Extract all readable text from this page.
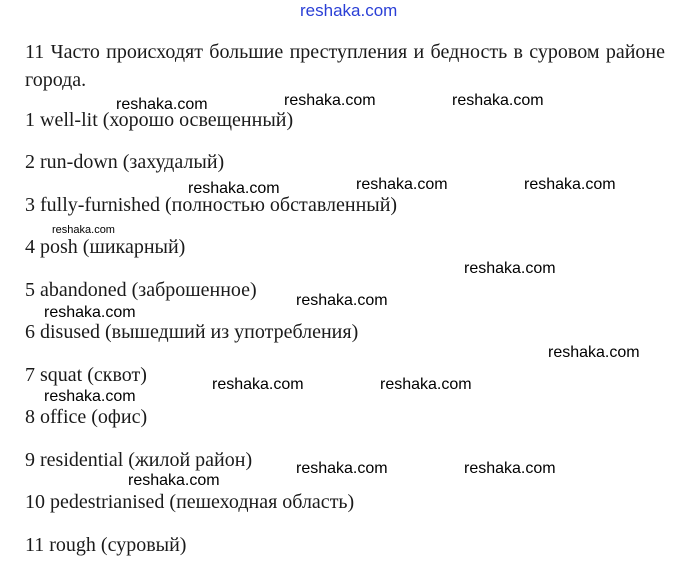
reshaka.com
11 Часто происходят большие преступления и бедность в суровом районе города.
1 well-lit (хорошо освещенный)
2 run-down (захудалый)
3 fully-furnished (полностью обставленный)
4 posh (шикарный)
5 abandoned (заброшенное)
6 disused (вышедший из употребления)
7 squat (сквот)
8 office (офис)
9 residential (жилой район)
10 pedestrianised (пешеходная область)
11 rough (суровый)
reshaka.com	reshaka.com	reshaka.com
reshaka.com	reshaka.com	reshaka.com
reshaka.com
reshaka.com
reshaka.com
reshaka.com
reshaka.com
reshaka.com	reshaka.com
reshaka.com
reshaka.com	reshaka.com
reshaka.com
